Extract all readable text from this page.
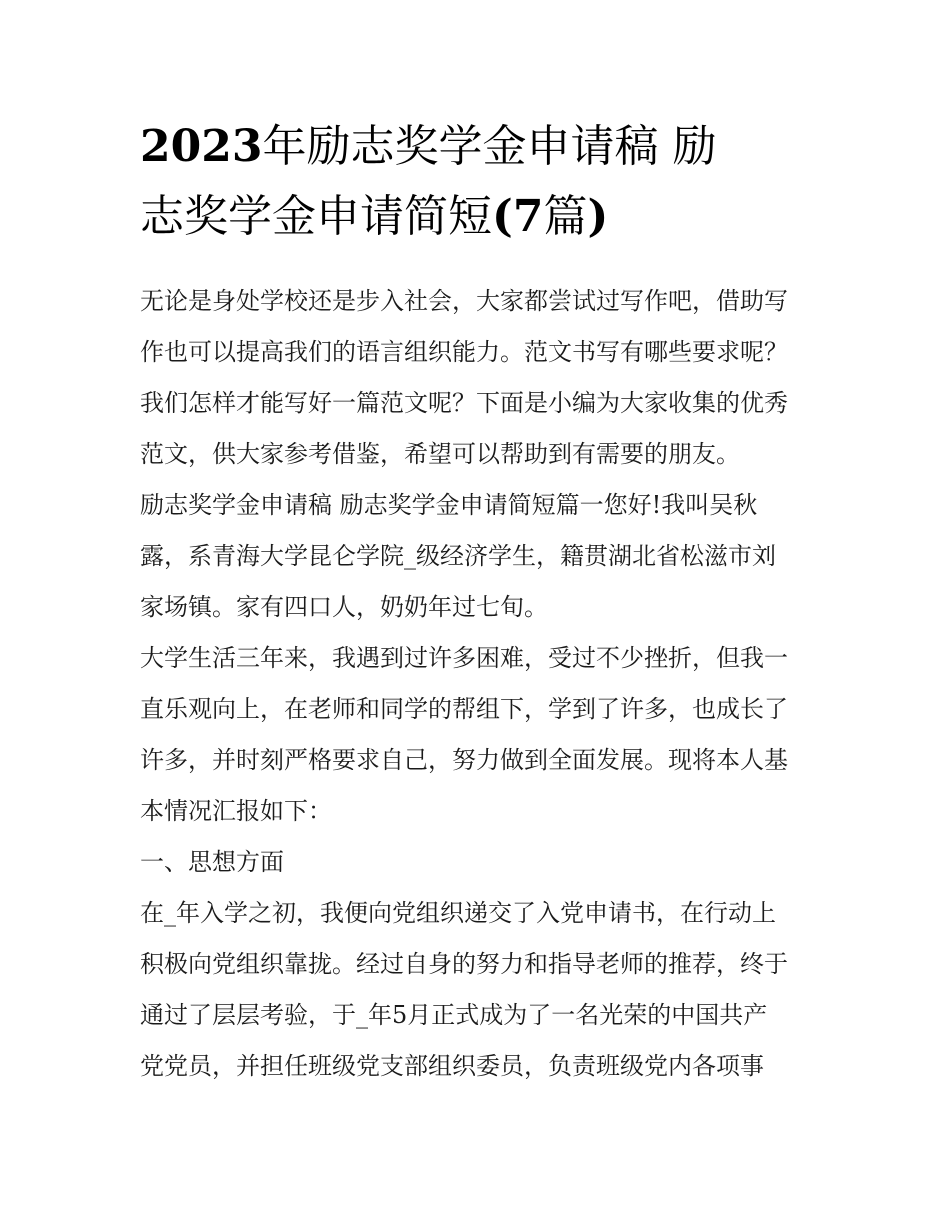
2023年励志奖学金申请稿 励
志奖学金申请简短(7篇)

无论是身处学校还是步入社会，大家都尝试过写作吧，借助写
作也可以提高我们的语言组织能力。范文书写有哪些要求呢？
我们怎样才能写好一篇范文呢？下面是小编为大家收集的优秀
范文，供大家参考借鉴，希望可以帮助到有需要的朋友。

励志奖学金申请稿 励志奖学金申请简短篇一您好!我叫吴秋
露，系青海大学昆仑学院_级经济学生，籍贯湖北省松滋市刘
家场镇。家有四口人，奶奶年过七旬。

大学生活三年来，我遇到过许多困难，受过不少挫折，但我一
直乐观向上，在老师和同学的帮组下，学到了许多，也成长了
许多，并时刻严格要求自己，努力做到全面发展。现将本人基
本情况汇报如下：

一、思想方面

在_年入学之初，我便向党组织递交了入党申请书，在行动上
积极向党组织靠拢。经过自身的努力和指导老师的推荐，终于
通过了层层考验，于_年5月正式成为了一名光荣的中国共产
党党员，并担任班级党支部组织委员，负责班级党内各项事
